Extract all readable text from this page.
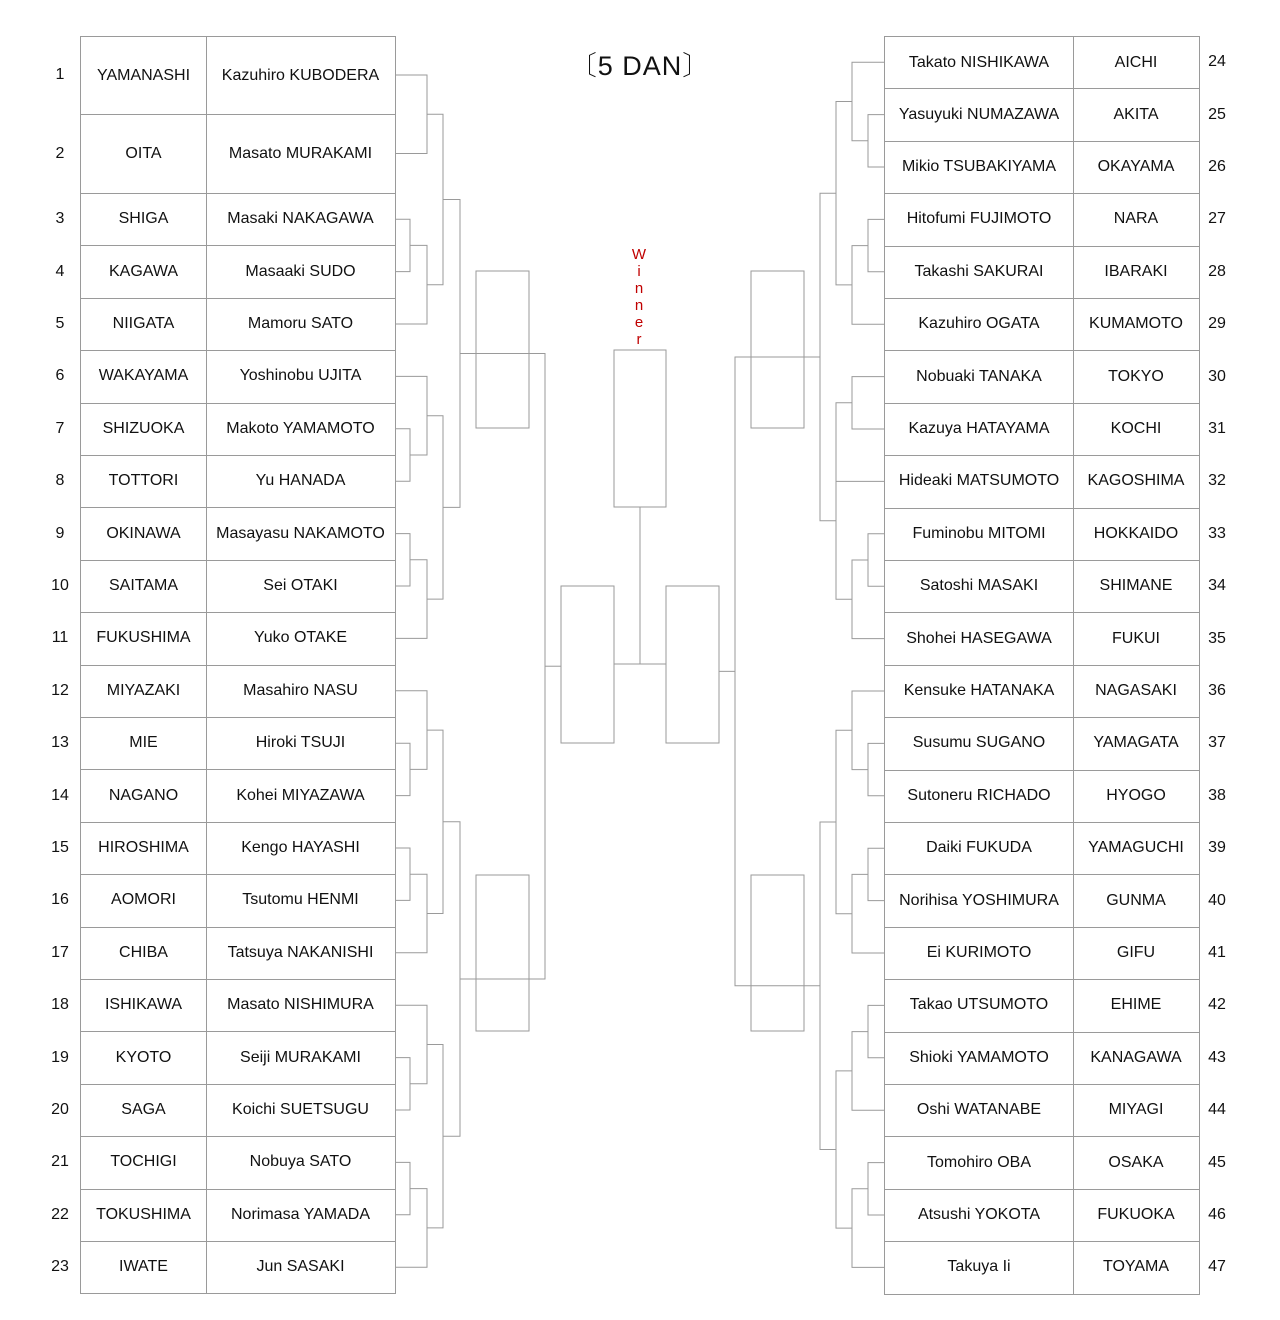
〔5 DAN〕
W
i
n
n
e
r
1	YAMANASHI	Kazuhiro KUBODERA
2	OITA	Masato MURAKAMI
3	SHIGA	Masaki NAKAGAWA
4	KAGAWA	Masaaki SUDO
5	NIIGATA	Mamoru SATO
6	WAKAYAMA	Yoshinobu UJITA
7	SHIZUOKA	Makoto YAMAMOTO
8	TOTTORI	Yu HANADA
9	OKINAWA	Masayasu NAKAMOTO
10	SAITAMA	Sei OTAKI
11	FUKUSHIMA	Yuko OTAKE
12	MIYAZAKI	Masahiro NASU
13	MIE	Hiroki TSUJI
14	NAGANO	Kohei MIYAZAWA
15	HIROSHIMA	Kengo HAYASHI
16	AOMORI	Tsutomu HENMI
17	CHIBA	Tatsuya NAKANISHI
18	ISHIKAWA	Masato NISHIMURA
19	KYOTO	Seiji MURAKAMI
20	SAGA	Koichi SUETSUGU
21	TOCHIGI	Nobuya SATO
22	TOKUSHIMA	Norimasa YAMADA
23	IWATE	Jun SASAKI
Takato NISHIKAWA	AICHI	24
Yasuyuki NUMAZAWA	AKITA	25
Mikio TSUBAKIYAMA	OKAYAMA	26
Hitofumi FUJIMOTO	NARA	27
Takashi SAKURAI	IBARAKI	28
Kazuhiro OGATA	KUMAMOTO	29
Nobuaki TANAKA	TOKYO	30
Kazuya HATAYAMA	KOCHI	31
Hideaki MATSUMOTO	KAGOSHIMA	32
Fuminobu MITOMI	HOKKAIDO	33
Satoshi MASAKI	SHIMANE	34
Shohei HASEGAWA	FUKUI	35
Kensuke HATANAKA	NAGASAKI	36
Susumu SUGANO	YAMAGATA	37
Sutoneru RICHADO	HYOGO	38
Daiki FUKUDA	YAMAGUCHI	39
Norihisa YOSHIMURA	GUNMA	40
Ei KURIMOTO	GIFU	41
Takao UTSUMOTO	EHIME	42
Shioki YAMAMOTO	KANAGAWA	43
Oshi WATANABE	MIYAGI	44
Tomohiro OBA	OSAKA	45
Atsushi YOKOTA	FUKUOKA	46
Takuya Ii	TOYAMA	47
